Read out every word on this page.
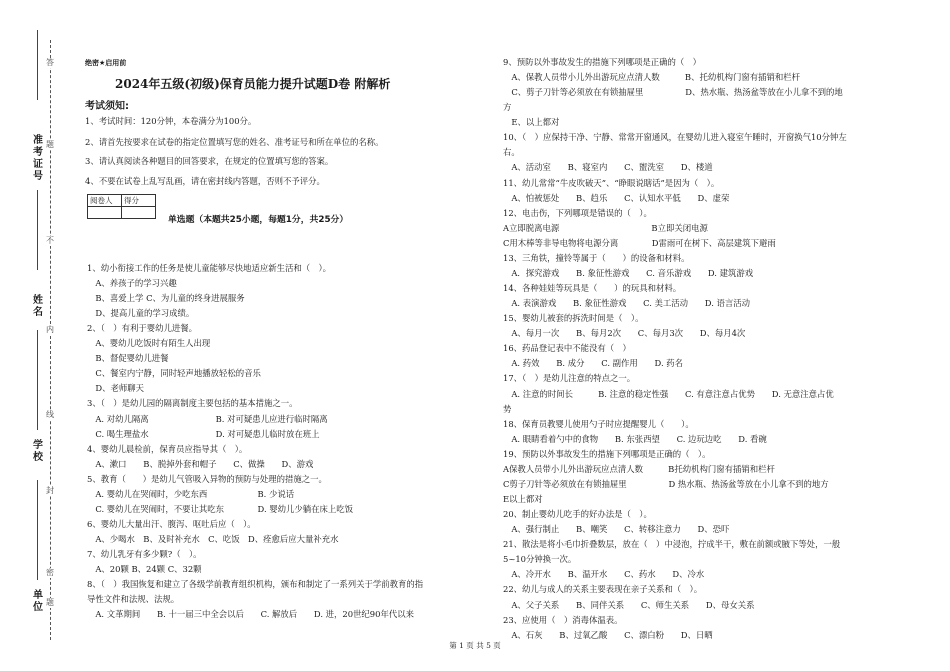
准考证号
姓名
学校
单位
答
题
不
内
线
封
密
题
绝密★启用前
2024年五级(初级)保育员能力提升试题D卷 附解析
考试须知:
1、考试时间：120分钟，本卷满分为100分。
2、请首先按要求在试卷的指定位置填写您的姓名、准考证号和所在单位的名称。
3、请认真阅读各种题目的回答要求，在规定的位置填写您的答案。
4、不要在试卷上乱写乱画，请在密封线内答题，否则不予评分。
阅卷人	得分

单选题（本题共25小题，每题1分，共25分）
1、幼小衔接工作的任务是使儿童能够尽快地适应新生活和（　）。
　A、养孩子的学习兴趣
　B、喜爱上学 C、为儿童的终身进展服务
　D、提高儿童的学习成绩。
2、（　）有利于婴幼儿进餐。
　A、婴幼儿吃饭时有陌生人出现
　B、督促婴幼儿进餐
　C、餐室内宁静，同时轻声地播放轻松的音乐
　D、老师聊天
3、（　）是幼儿园的隔离制度主要包括的基本措施之一。
　A. 对幼儿隔离　　　　　　　　B. 对可疑患儿应进行临时隔离
　C. 喝生理盐水　　　　　　　　D. 对可疑患儿临时放在班上
4、婴幼儿晨检前，保育员应指导其（　）。
　A、漱口　　B、脱掉外套和帽子　　C、做操　　D、游戏
5、教育（　　）是幼儿气管吸入异物的预防与处理的措施之一。
　A. 婴幼儿在哭闹时，少吃东西　　　　　　B. 少说话
　C. 婴幼儿在哭闹时，不要让其吃东　　　　D. 婴幼儿少躺在床上吃饭
6、婴幼儿大量出汗、腹泻、呕吐后应（　）。
　A、少喝水　B、及时补充水　C、吃饭　D、痊愈后应大量补充水
7、幼儿乳牙有多少颗?（　）。
　A、20颗 B、24颗 C、32颗
8、（　）我国恢复和建立了各级学前教育组织机构，颁布和制定了一系列关于学前教育的指
导性文件和法规、法规。
　A. 文革期间　　B. 十一届三中全会以后　　C. 解放后　　D. 进，20世纪90年代以来
9、预防以外事故发生的措施下列哪项是正确的（　）
　A、保教人员带小儿外出游玩应点清人数　　　B、托幼机构门窗有插销和栏杆
　C、剪子刀针等必须放在有锁抽屉里　　　　　D、热水瓶、热汤盆等放在小儿拿不到的地
方
　E、以上都对
10、（　）应保持干净、宁静、常常开窗通风，在婴幼儿进入寝室午睡时，开窗换气10分钟左
右。
　A、活动室　　B、寝室内　　C、盥洗室　　D、楼道
11、幼儿常常“牛皮吹破天”、“睁眼说瞎话”是因为（　）。
　A、怕被惩处　　B、趋乐　　C、认知水平低　　D、虚荣
12、电击伤，下列哪项是错误的（　）。
A立即脱离电源　　　　　　　　　　　B立即关闭电源
C用木棒等非导电物将电源分离　　　　D雷雨可在树下、高层建筑下避雨
13、三角铁，撞铃等属于（　　）的设备和材料。
　A．探究游戏　　B. 象征性游戏　　C. 音乐游戏　　D. 建筑游戏
14、各种娃娃等玩具是（　　）的玩具和材料。
　A. 表演游戏　　B. 象征性游戏　　C. 美工活动　　D. 语言活动
15、婴幼儿被套的拆洗时间是（　）。
　A、每月一次　　B、每月2次　　C、每月3次　　D、每月4次
16、药品登记表中不能没有（　）
　A. 药效　　B. 成分　　C. 副作用　　D. 药名
17、（　）是幼儿注意的特点之一。
　A. 注意的时间长　　　B. 注意的稳定性强　　C. 有意注意占优势　　D. 无意注意占优
势
18、保育员教婴儿使用勺子时应提醒婴儿（　　）。
　A. 眼睛看着勺中的食物　　B. 东张西望　　C. 边玩边吃　　D. 看碗
19、预防以外事故发生的措施下列哪项是正确的（　）。
A保教人员带小儿外出游玩应点清人数　　　B托幼机构门窗有插销和栏杆
C剪子刀针等必须放在有锁抽屉里　　　　　D 热水瓶、热汤盆等放在小儿拿不到的地方
E以上都对
20、制止婴幼儿吃手的好办法是（　）。
　A、强行制止　　B、嘲笑　　C、转移注意力　　D、恐吓
21、散法是将小毛巾折叠数层，放在（　）中浸泡，拧成半干，敷在前额或腋下等处，一般
5~10分钟换一次。
　A、冷开水　　B、温开水　　C、药水　　D、冷水
22、幼儿与成人的关系主要表现在亲子关系和（　）。
　A、父子关系　　B、同伴关系　　C、师生关系　　D、母女关系
23、应使用（　）消毒体温表。
　A、石灰　　B、过氧乙酸　　C、漂白粉　　D、日晒
第 1 页 共 5 页
